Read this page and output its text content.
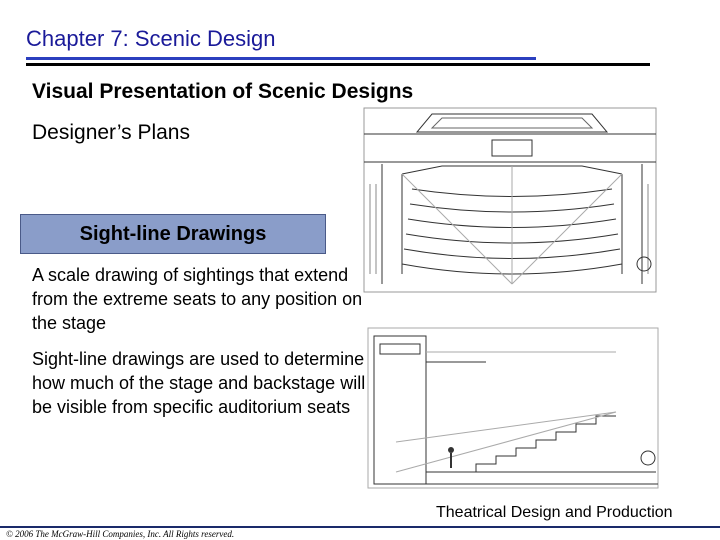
Chapter 7: Scenic Design
Visual Presentation of Scenic Designs
Designer’s Plans
Sight-line Drawings
A scale drawing of sightings that extend from the extreme seats to any position on the stage
Sight-line drawings are used to determine how much of the stage and backstage will be visible from specific auditorium seats
Theatrical Design and Production
© 2006 The McGraw-Hill Companies, Inc. All Rights reserved.
